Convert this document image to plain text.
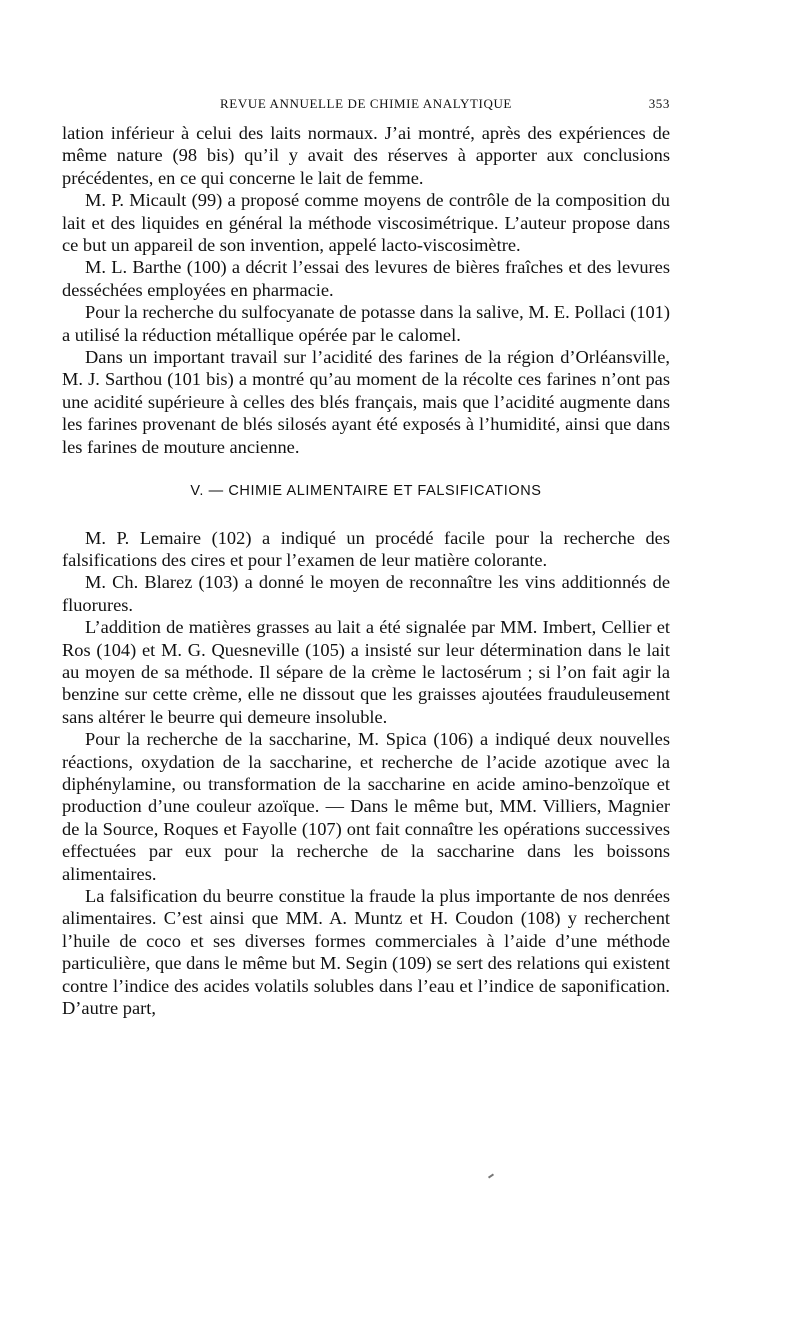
REVUE ANNUELLE DE CHIMIE ANALYTIQUE	353

lation inférieur à celui des laits normaux. J’ai montré, après des expériences de même nature (98 bis) qu’il y avait des réserves à apporter aux conclusions précédentes, en ce qui concerne le lait de femme.

M. P. Micault (99) a proposé comme moyens de contrôle de la composition du lait et des liquides en général la méthode viscosimétrique. L’auteur propose dans ce but un appareil de son invention, appelé lacto-viscosimètre.

M. L. Barthe (100) a décrit l’essai des levures de bières fraîches et des levures desséchées employées en pharmacie.

Pour la recherche du sulfocyanate de potasse dans la salive, M. E. Pollaci (101) a utilisé la réduction métallique opérée par le calomel.

Dans un important travail sur l’acidité des farines de la région d’Orléansville, M. J. Sarthou (101 bis) a montré qu’au moment de la récolte ces farines n’ont pas une acidité supérieure à celles des blés français, mais que l’acidité augmente dans les farines provenant de blés silosés ayant été exposés à l’humidité, ainsi que dans les farines de mouture ancienne.

V. — CHIMIE ALIMENTAIRE ET FALSIFICATIONS

M. P. Lemaire (102) a indiqué un procédé facile pour la recherche des falsifications des cires et pour l’examen de leur matière colorante.

M. Ch. Blarez (103) a donné le moyen de reconnaître les vins additionnés de fluorures.

L’addition de matières grasses au lait a été signalée par MM. Imbert, Cellier et Ros (104) et M. G. Quesneville (105) a insisté sur leur détermination dans le lait au moyen de sa méthode. Il sépare de la crème le lactosérum ; si l’on fait agir la benzine sur cette crème, elle ne dissout que les graisses ajoutées frauduleusement sans altérer le beurre qui demeure insoluble.

Pour la recherche de la saccharine, M. Spica (106) a indiqué deux nouvelles réactions, oxydation de la saccharine, et recherche de l’acide azotique avec la diphénylamine, ou transformation de la saccharine en acide amino-benzoïque et production d’une couleur azoïque. — Dans le même but, MM. Villiers, Magnier de la Source, Roques et Fayolle (107) ont fait connaître les opérations successives effectuées par eux pour la recherche de la saccharine dans les boissons alimentaires.

La falsification du beurre constitue la fraude la plus importante de nos denrées alimentaires. C’est ainsi que MM. A. Muntz et H. Coudon (108) y recherchent l’huile de coco et ses diverses formes commerciales à l’aide d’une méthode particulière, que dans le même but M. Segin (109) se sert des relations qui existent contre l’indice des acides volatils solubles dans l’eau et l’indice de saponification. D’autre part,
